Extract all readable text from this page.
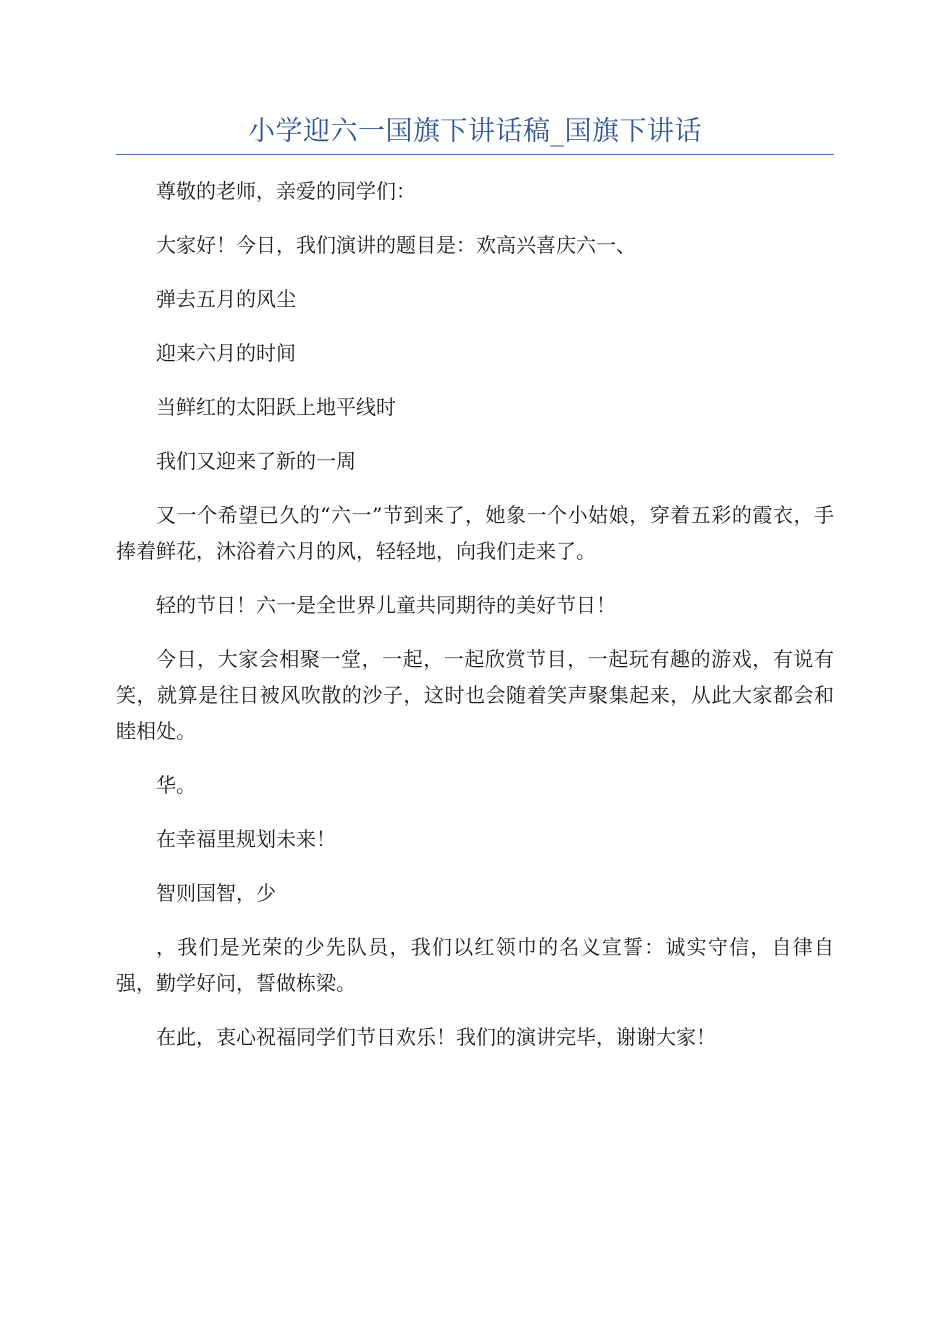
小学迎六一国旗下讲话稿_国旗下讲话

尊敬的老师，亲爱的同学们：

大家好！今日，我们演讲的题目是：欢高兴喜庆六一、

弹去五月的风尘

迎来六月的时间

当鲜红的太阳跃上地平线时

我们又迎来了新的一周

又一个希望已久的“六一”节到来了，她象一个小姑娘，穿着五彩的霞衣，手捧着鲜花，沐浴着六月的风，轻轻地，向我们走来了。

轻的节日！六一是全世界儿童共同期待的美好节日！

今日，大家会相聚一堂，一起，一起欣赏节目，一起玩有趣的游戏，有说有笑，就算是往日被风吹散的沙子，这时也会随着笑声聚集起来，从此大家都会和睦相处。

华。

在幸福里规划未来！

智则国智，少

，我们是光荣的少先队员，我们以红领巾的名义宣誓：诚实守信，自律自强，勤学好问，誓做栋梁。

在此，衷心祝福同学们节日欢乐！我们的演讲完毕，谢谢大家！
